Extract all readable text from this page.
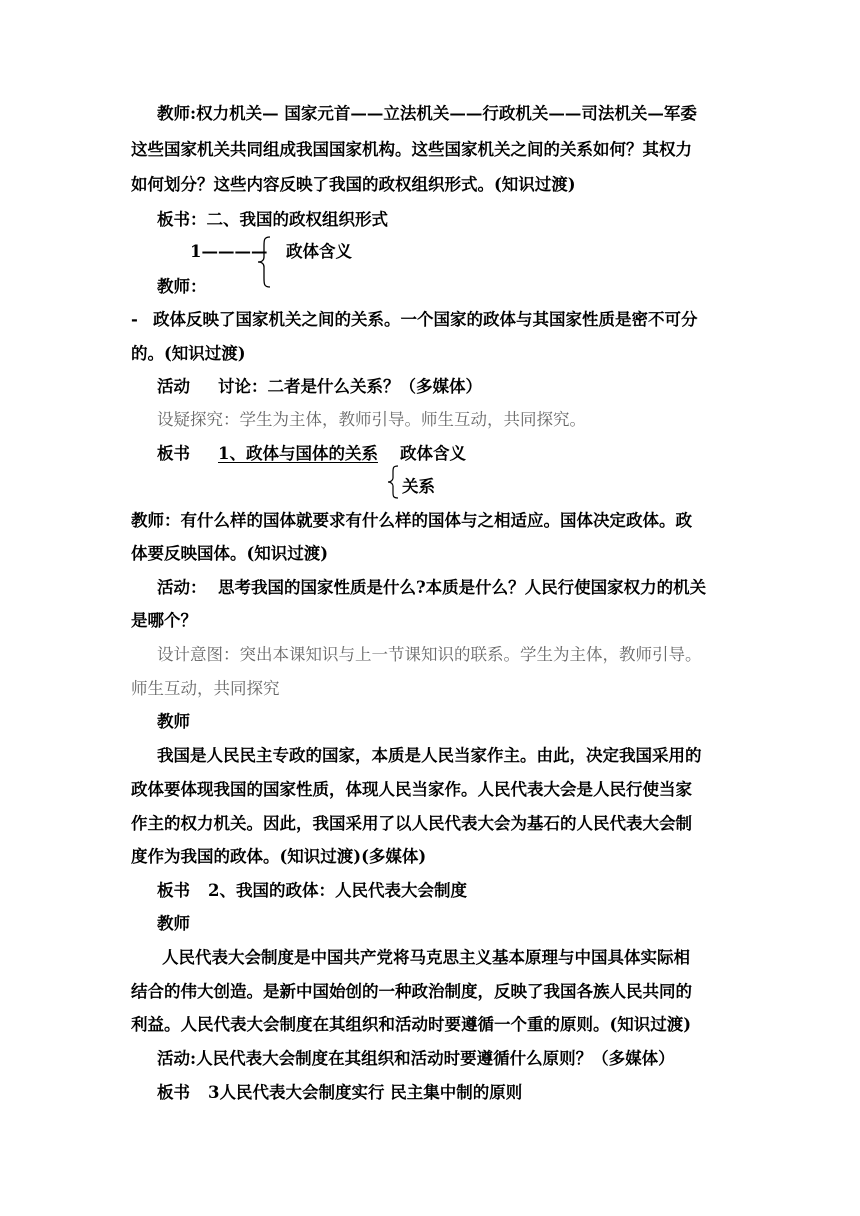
教师:权力机关— 国家元首——立法机关——行政机关——司法机关—军委
这些国家机关共同组成我国国家机构。这些国家机关之间的关系如何？其权力
如何划分？这些内容反映了我国的政权组织形式。(知识过渡)
板书：二、我国的政权组织形式
1———— 政体含义
教师：
- 政体反映了国家机关之间的关系。一个国家的政体与其国家性质是密不可分
的。(知识过渡)
活动 讨论：二者是什么关系？（多媒体）
设疑探究：学生为主体，教师引导。师生互动，共同探究。
板书 1、政体与国体的关系 政体含义
关系
教师：有什么样的国体就要求有什么样的国体与之相适应。国体决定政体。政
体要反映国体。(知识过渡)
活动： 思考我国的国家性质是什么?本质是什么？人民行使国家权力的机关
是哪个？
设计意图：突出本课知识与上一节课知识的联系。学生为主体，教师引导。
师生互动，共同探究
教师
我国是人民民主专政的国家，本质是人民当家作主。由此，决定我国采用的
政体要体现我国的国家性质，体现人民当家作。人民代表大会是人民行使当家
作主的权力机关。因此，我国采用了以人民代表大会为基石的人民代表大会制
度作为我国的政体。(知识过渡)(多媒体)
板书 2、我国的政体：人民代表大会制度
教师
人民代表大会制度是中国共产党将马克思主义基本原理与中国具体实际相
结合的伟大创造。是新中国始创的一种政治制度，反映了我国各族人民共同的
利益。人民代表大会制度在其组织和活动时要遵循一个重的原则。(知识过渡)
活动:人民代表大会制度在其组织和活动时要遵循什么原则？（多媒体）
板书 3人民代表大会制度实行 民主集中制的原则
